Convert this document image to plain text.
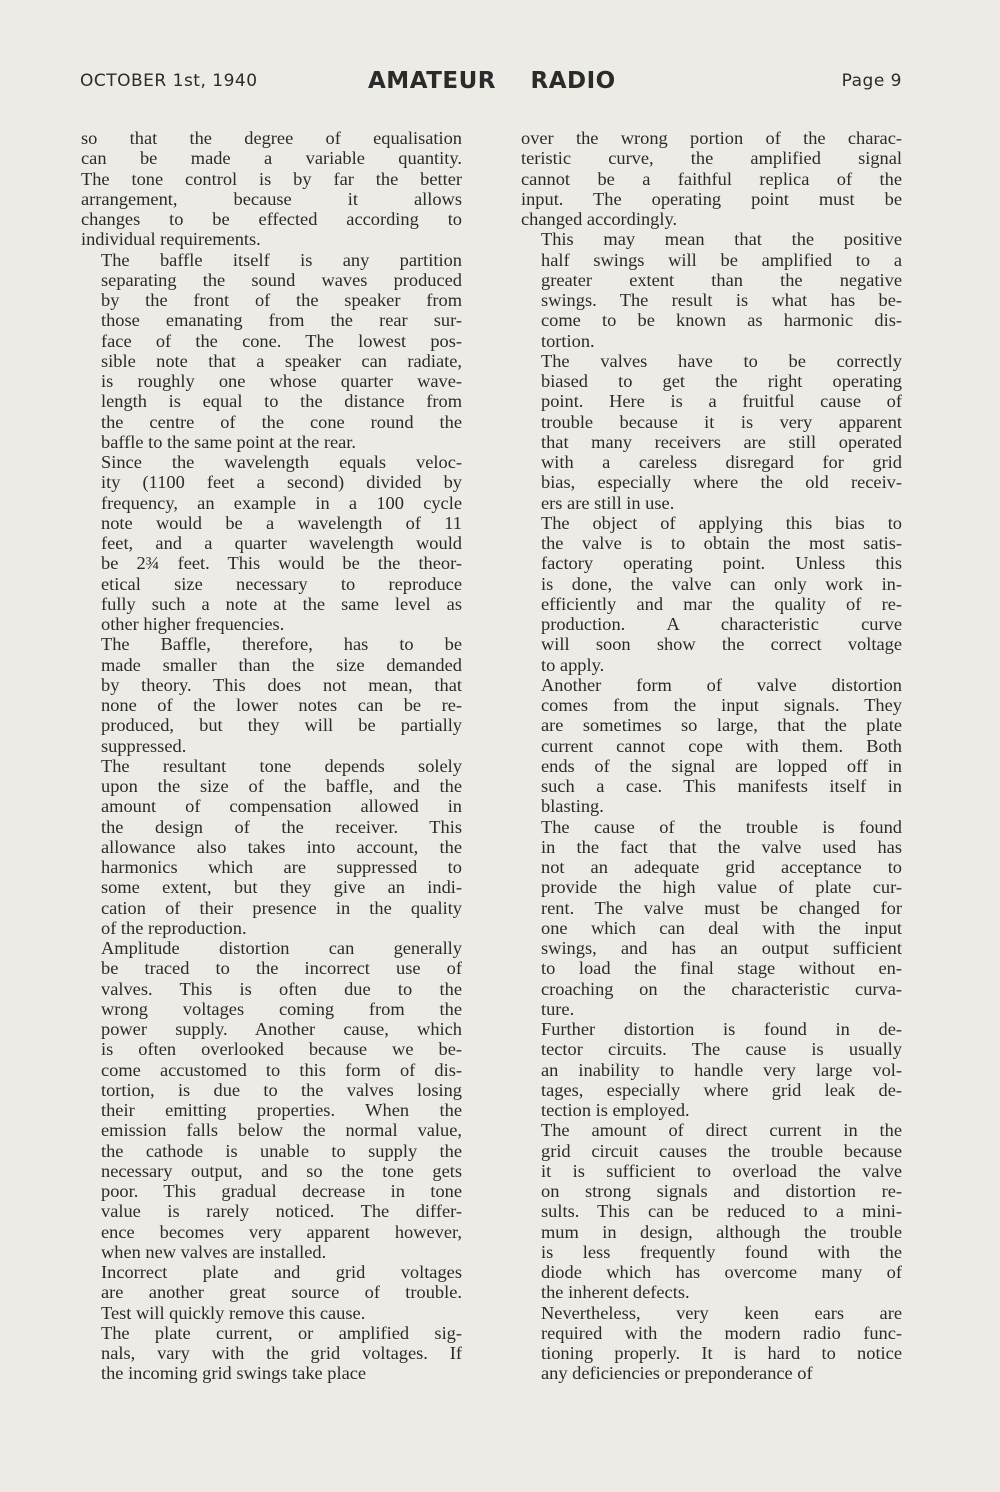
OCTOBER 1st, 1940	AMATEUR RADIO	Page 9

so that the degree of equalisation
can be made a variable quantity.
The tone control is by far the better
arrangement, because it allows
changes to be effected according to
individual requirements.

The baffle itself is any partition
separating the sound waves produced
by the front of the speaker from
those emanating from the rear sur-
face of the cone. The lowest pos-
sible note that a speaker can radiate,
is roughly one whose quarter wave-
length is equal to the distance from
the centre of the cone round the
baffle to the same point at the rear.

Since the wavelength equals veloc-
ity (1100 feet a second) divided by
frequency, an example in a 100 cycle
note would be a wavelength of 11
feet, and a quarter wavelength would
be 2¾ feet. This would be the theor-
etical size necessary to reproduce
fully such a note at the same level as
other higher frequencies.

The Baffle, therefore, has to be
made smaller than the size demanded
by theory. This does not mean, that
none of the lower notes can be re-
produced, but they will be partially
suppressed.

The resultant tone depends solely
upon the size of the baffle, and the
amount of compensation allowed in
the design of the receiver. This
allowance also takes into account, the
harmonics which are suppressed to
some extent, but they give an indi-
cation of their presence in the quality
of the reproduction.

Amplitude distortion can generally
be traced to the incorrect use of
valves. This is often due to the
wrong voltages coming from the
power supply. Another cause, which
is often overlooked because we be-
come accustomed to this form of dis-
tortion, is due to the valves losing
their emitting properties. When the
emission falls below the normal value,
the cathode is unable to supply the
necessary output, and so the tone gets
poor. This gradual decrease in tone
value is rarely noticed. The differ-
ence becomes very apparent however,
when new valves are installed.

Incorrect plate and grid voltages
are another great source of trouble.
Test will quickly remove this cause.

The plate current, or amplified sig-
nals, vary with the grid voltages. If
the incoming grid swings take place

over the wrong portion of the charac-
teristic curve, the amplified signal
cannot be a faithful replica of the
input. The operating point must be
changed accordingly.

This may mean that the positive
half swings will be amplified to a
greater extent than the negative
swings. The result is what has be-
come to be known as harmonic dis-
tortion.

The valves have to be correctly
biased to get the right operating
point. Here is a fruitful cause of
trouble because it is very apparent
that many receivers are still operated
with a careless disregard for grid
bias, especially where the old receiv-
ers are still in use.

The object of applying this bias to
the valve is to obtain the most satis-
factory operating point. Unless this
is done, the valve can only work in-
efficiently and mar the quality of re-
production. A characteristic curve
will soon show the correct voltage
to apply.

Another form of valve distortion
comes from the input signals. They
are sometimes so large, that the plate
current cannot cope with them. Both
ends of the signal are lopped off in
such a case. This manifests itself in
blasting.

The cause of the trouble is found
in the fact that the valve used has
not an adequate grid acceptance to
provide the high value of plate cur-
rent. The valve must be changed for
one which can deal with the input
swings, and has an output sufficient
to load the final stage without en-
croaching on the characteristic curva-
ture.

Further distortion is found in de-
tector circuits. The cause is usually
an inability to handle very large vol-
tages, especially where grid leak de-
tection is employed.

The amount of direct current in the
grid circuit causes the trouble because
it is sufficient to overload the valve
on strong signals and distortion re-
sults. This can be reduced to a mini-
mum in design, although the trouble
is less frequently found with the
diode which has overcome many of
the inherent defects.

Nevertheless, very keen ears are
required with the modern radio func-
tioning properly. It is hard to notice
any deficiencies or preponderance of
